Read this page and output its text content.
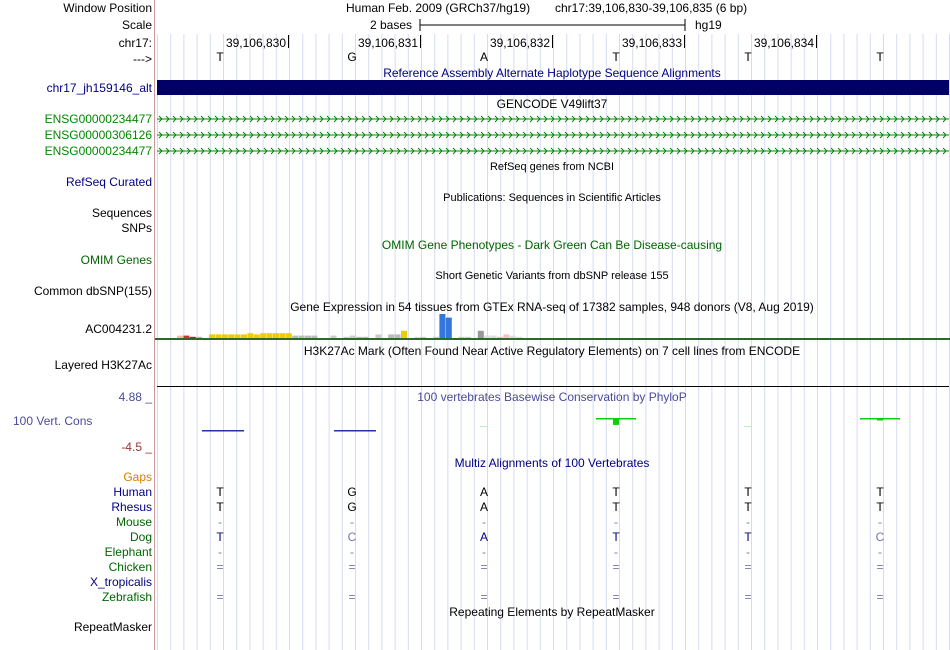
Window Position
Scale
chr17:
--->
Human Feb. 2009 (GRCh37/hg19) chr17:39,106,830-39,106,835 (6 bp)
2 bases	hg19
39,106,830	39,106,831	39,106,832	39,106,833	39,106,834
T	G	A	T	T	T
Reference Assembly Alternate Haplotype Sequence Alignments
chr17_jh159146_alt
GENCODE V49lift37
ENSG00000234477
ENSG00000306126
ENSG00000234477
RefSeq genes from NCBI
RefSeq Curated
Publications: Sequences in Scientific Articles
Sequences
SNPs
OMIM Gene Phenotypes - Dark Green Can Be Disease-causing
OMIM Genes
Short Genetic Variants from dbSNP release 155
Common dbSNP(155)
Gene Expression in 54 tissues from GTEx RNA-seq of 17382 samples, 948 donors (V8, Aug 2019)
AC004231.2
H3K27Ac Mark (Often Found Near Active Regulatory Elements) on 7 cell lines from ENCODE
Layered H3K27Ac
100 vertebrates Basewise Conservation by PhyloP
4.88 _
100 Vert. Cons
-4.5 _
Multiz Alignments of 100 Vertebrates
Gaps
Human	T	G	A	T	T	T
Rhesus	T	G	A	T	T	T
Mouse	-	-	-	-	-	-
Dog	T	C	A	T	T	C
Elephant	-	-	-	-	-	-
Chicken	=	=	=	=	=	=
X_tropicalis
Zebrafish	=	=	=	=	=	=
Repeating Elements by RepeatMasker
RepeatMasker
